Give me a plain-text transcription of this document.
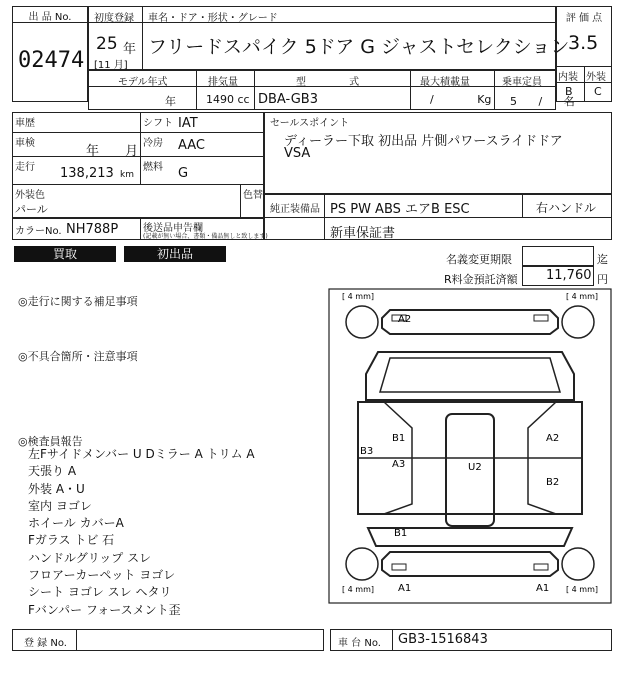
出 品 No.
02474
初度登録 車名・ドア・形状・グレード
25 年
[11 月]
フリードスパイク 5ドア G ジャストセレクション
評 価 点
3.5
内装 外装
B C
モデル年式
年
排気量
1490 cc
型 式
DBA-GB3
最大積載量
/ Kg
乗車定員
5 / 名
車歴	シフト IAT
車検
年 月
冷房 AAC
走行 138,213 km
燃料 G
外装色
パール
色替
カラーNo. NH788P 後送品申告欄
(記載が無い場合、書類・備品無しと致します)
セールスポイント
ディーラー下取 初出品 片側パワースライドドア
VSA
純正装備品 PS PW ABS エアB ESC	右ハンドル
新車保証書
買取	初出品	名義変更期限	迄
R料金預託済額 11,760 円
◎走行に関する補足事項
◎不具合箇所・注意事項
◎検査員報告
左Fサイドメンバー U Dミラー A トリム A
天張り A
外装 A・U
室内 ヨゴレ
ホイール カバーA
Fガラス トビ 石
ハンドルグリップ スレ
フロアーカーペット ヨゴレ
シート ヨゴレ スレ ヘタリ
Fバンパー フォースメント歪
[ 4 mm]	[ 4 mm]
[ 4 mm]	[ 4 mm]
A2
B1
B3
A3	U2
A2
B2
B1
A1	A1
登 録 No.	車 台 No. GB3-1516843
